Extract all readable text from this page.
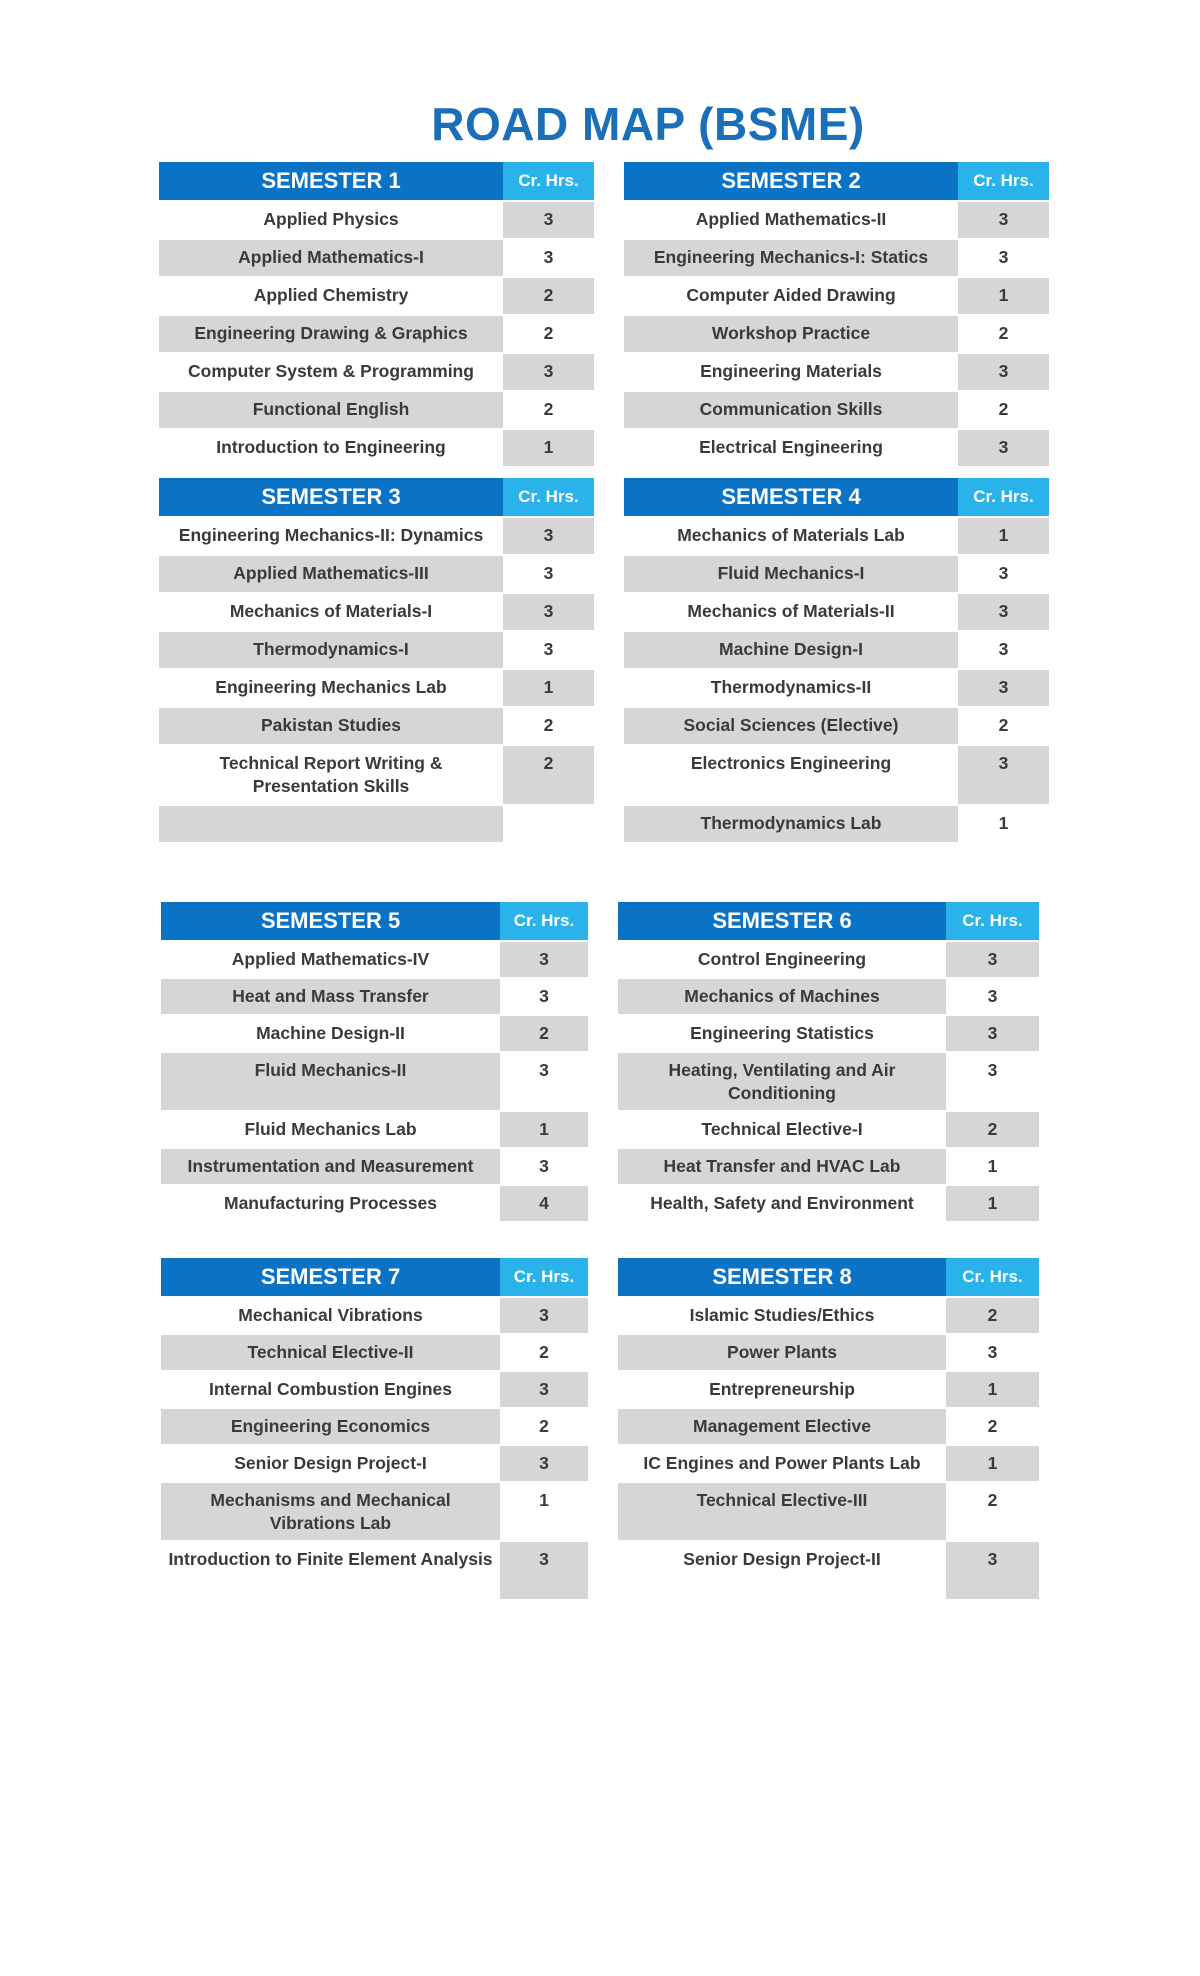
ROAD MAP (BSME)
SEMESTER 1	Cr. Hrs.
Applied Physics	3
Applied Mathematics-I	3
Applied Chemistry	2
Engineering Drawing & Graphics	2
Computer System & Programming	3
Functional English	2
Introduction to Engineering	1
SEMESTER 2	Cr. Hrs.
Applied Mathematics-II	3
Engineering Mechanics-I: Statics	3
Computer Aided Drawing	1
Workshop Practice	2
Engineering Materials	3
Communication Skills	2
Electrical Engineering	3
SEMESTER 3	Cr. Hrs.
Engineering Mechanics-II: Dynamics	3
Applied Mathematics-III	3
Mechanics of Materials-I	3
Thermodynamics-I	3
Engineering Mechanics Lab	1
Pakistan Studies	2
Technical Report Writing & Presentation Skills	2

SEMESTER 4	Cr. Hrs.
Mechanics of Materials Lab	1
Fluid Mechanics-I	3
Mechanics of Materials-II	3
Machine Design-I	3
Thermodynamics-II	3
Social Sciences (Elective)	2
Electronics Engineering	3
Thermodynamics Lab	1
SEMESTER 5	Cr. Hrs.
Applied Mathematics-IV	3
Heat and Mass Transfer	3
Machine Design-II	2
Fluid Mechanics-II	3
Fluid Mechanics Lab	1
Instrumentation and Measurement	3
Manufacturing Processes	4
SEMESTER 6	Cr. Hrs.
Control Engineering	3
Mechanics of Machines	3
Engineering Statistics	3
Heating, Ventilating and Air Conditioning	3
Technical Elective-I	2
Heat Transfer and HVAC Lab	1
Health, Safety and Environment	1
SEMESTER 7	Cr. Hrs.
Mechanical Vibrations	3
Technical Elective-II	2
Internal Combustion Engines	3
Engineering Economics	2
Senior Design Project-I	3
Mechanisms and Mechanical Vibrations Lab	1
Introduction to Finite Element Analysis	3
SEMESTER 8	Cr. Hrs.
Islamic Studies/Ethics	2
Power Plants	3
Entrepreneurship	1
Management Elective	2
IC Engines and Power Plants Lab	1
Technical Elective-III	2
Senior Design Project-II	3
